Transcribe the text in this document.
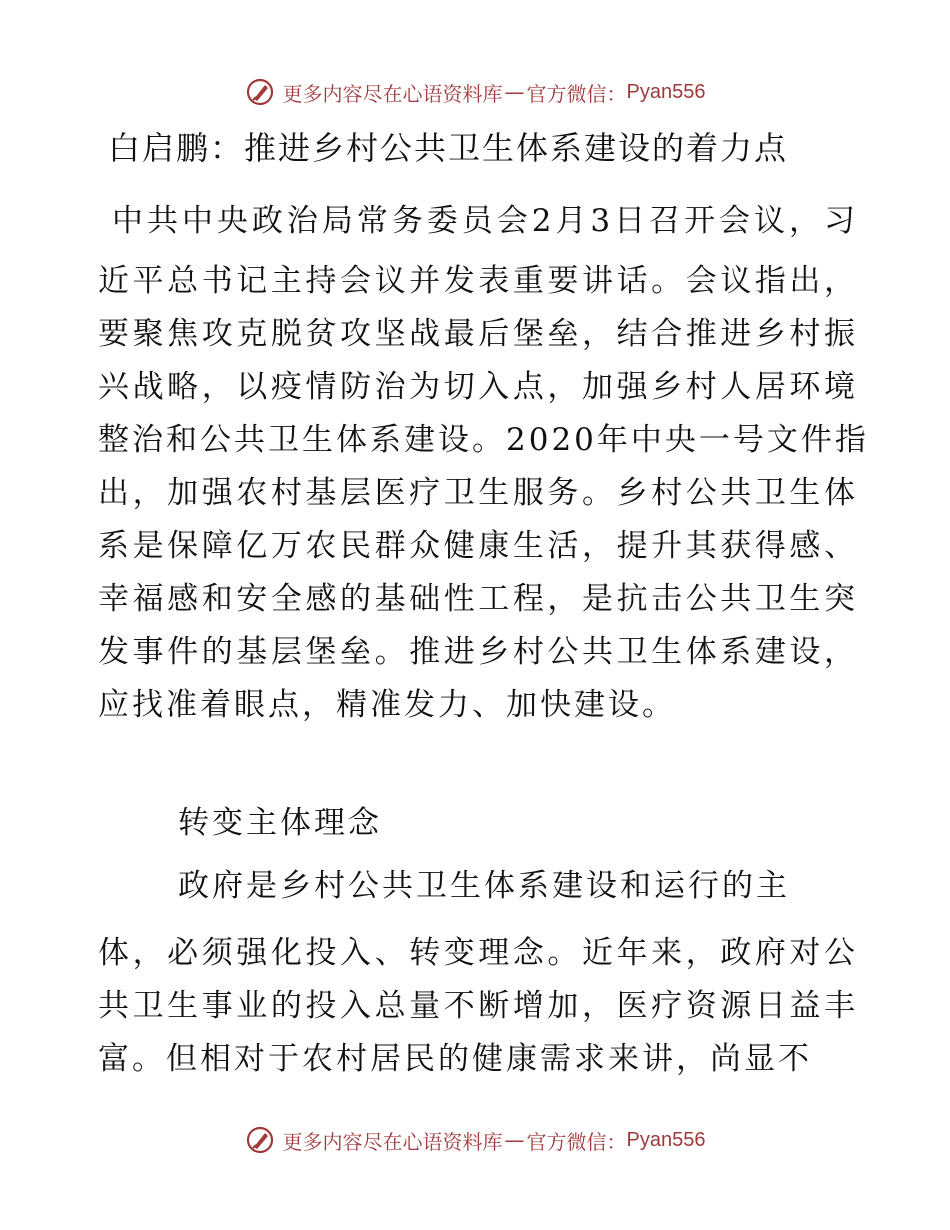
更多内容尽在心语资料库 — 官方微信： Pyan556
白启鹏：推进乡村公共卫生体系建设的着力点
中共中央政治局常务委员会2月3日召开会议，习
近平总书记主持会议并发表重要讲话。会议指出，
要聚焦攻克脱贫攻坚战最后堡垒，结合推进乡村振
兴战略，以疫情防治为切入点，加强乡村人居环境
整治和公共卫生体系建设。2020年中央一号文件指
出，加强农村基层医疗卫生服务。乡村公共卫生体
系是保障亿万农民群众健康生活，提升其获得感、
幸福感和安全感的基础性工程，是抗击公共卫生突
发事件的基层堡垒。推进乡村公共卫生体系建设，
应找准着眼点，精准发力、加快建设。
转变主体理念
政府是乡村公共卫生体系建设和运行的主
体，必须强化投入、转变理念。近年来，政府对公
共卫生事业的投入总量不断增加，医疗资源日益丰
富。但相对于农村居民的健康需求来讲，尚显不
更多内容尽在心语资料库 — 官方微信： Pyan556
